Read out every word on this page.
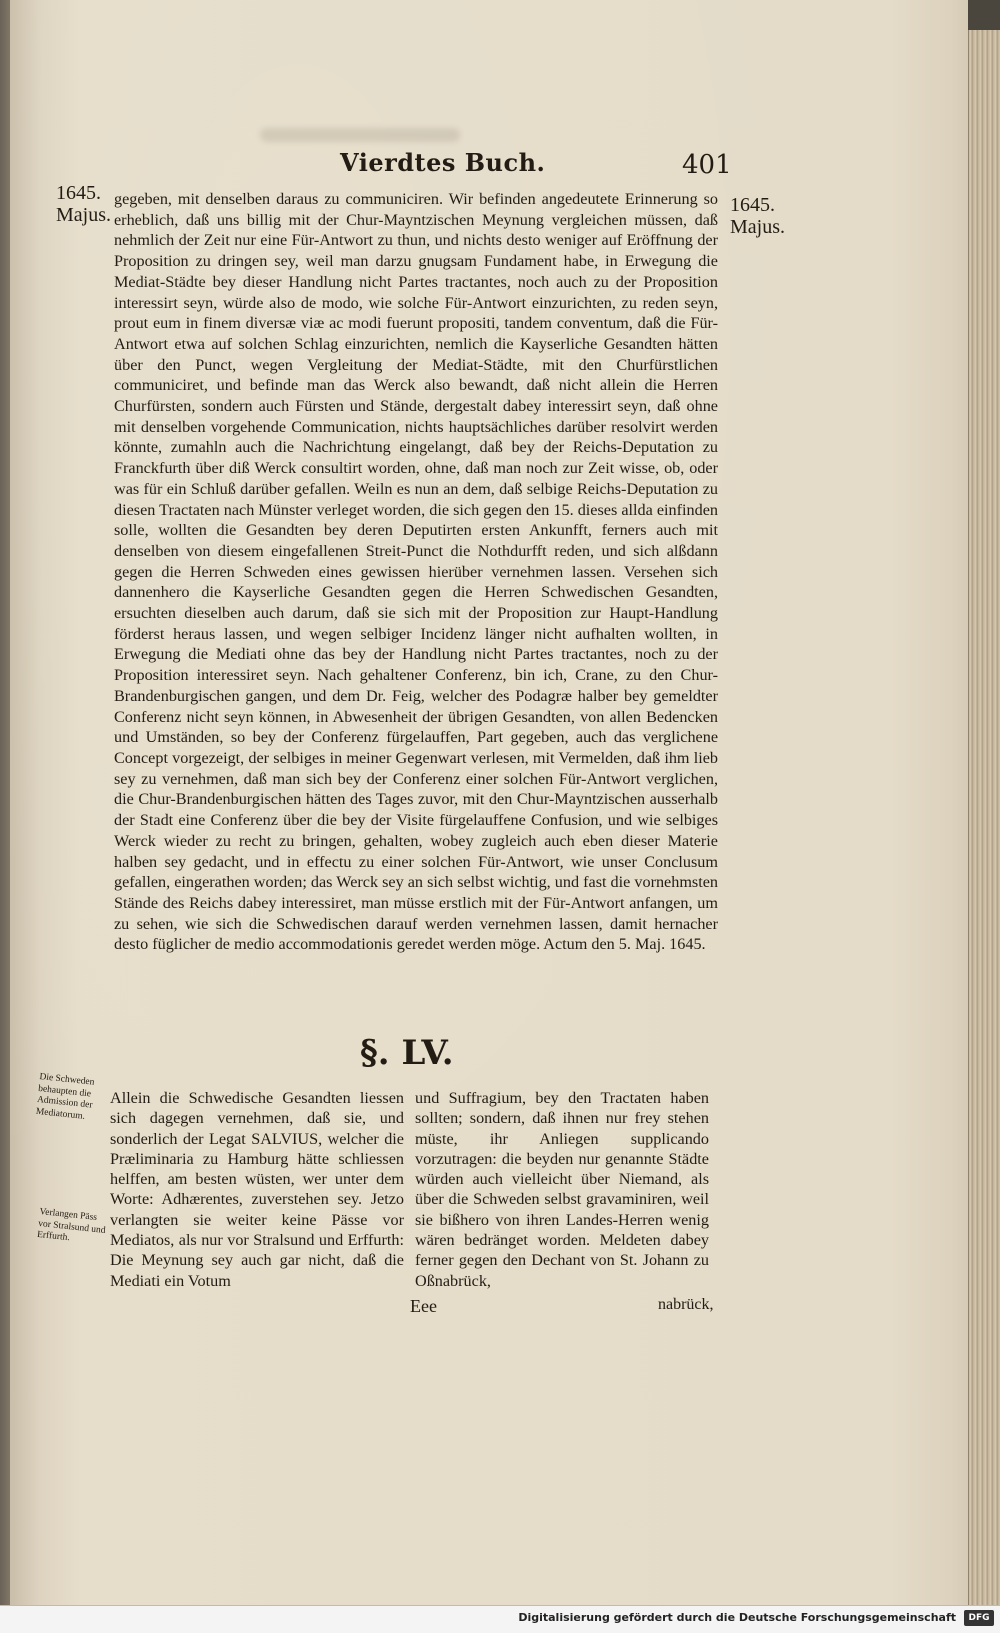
Vierdtes Buch.	401
1645. Majus.	1645. Majus.
gegeben, mit denselben daraus zu communiciren. Wir befinden angedeutete Erinnerung so erheblich, daß uns billig mit der Chur-Mayntzischen Meynung vergleichen müssen, daß nehmlich der Zeit nur eine Für-Antwort zu thun, und nichts desto weniger auf Eröffnung der Proposition zu dringen sey, weil man darzu gnugsam Fundament habe, in Erwegung die Mediat-Städte bey dieser Handlung nicht Partes tractantes, noch auch zu der Proposition interessirt seyn, würde also de modo, wie solche Für-Antwort einzurichten, zu reden seyn, prout eum in finem diversæ viæ ac modi fuerunt propositi, tandem conventum, daß die Für-Antwort etwa auf solchen Schlag einzurichten, nemlich die Kayserliche Gesandten hätten über den Punct, wegen Vergleitung der Mediat-Städte, mit den Churfürstlichen communiciret, und befinde man das Werck also bewandt, daß nicht allein die Herren Churfürsten, sondern auch Fürsten und Stände, dergestalt dabey interessirt seyn, daß ohne mit denselben vorgehende Communication, nichts hauptsächliches darüber resolvirt werden könnte, zumahln auch die Nachrichtung eingelangt, daß bey der Reichs-Deputation zu Franckfurth über diß Werck consultirt worden, ohne, daß man noch zur Zeit wisse, ob, oder was für ein Schluß darüber gefallen. Weiln es nun an dem, daß selbige Reichs-Deputation zu diesen Tractaten nach Münster verleget worden, die sich gegen den 15. dieses allda einfinden solle, wollten die Gesandten bey deren Deputirten ersten Ankunfft, ferners auch mit denselben von diesem eingefallenen Streit-Punct die Nothdurfft reden, und sich alßdann gegen die Herren Schweden eines gewissen hierüber vernehmen lassen. Versehen sich dannenhero die Kayserliche Gesandten gegen die Herren Schwedischen Gesandten, ersuchten dieselben auch darum, daß sie sich mit der Proposition zur Haupt-Handlung förderst heraus lassen, und wegen selbiger Incidenz länger nicht aufhalten wollten, in Erwegung die Mediati ohne das bey der Handlung nicht Partes tractantes, noch zu der Proposition interessiret seyn. Nach gehaltener Conferenz, bin ich, Crane, zu den Chur-Brandenburgischen gangen, und dem Dr. Feig, welcher des Podagræ halber bey gemeldter Conferenz nicht seyn können, in Abwesenheit der übrigen Gesandten, von allen Bedencken und Umständen, so bey der Conferenz fürgelauffen, Part gegeben, auch das verglichene Concept vorgezeigt, der selbiges in meiner Gegenwart verlesen, mit Vermelden, daß ihm lieb sey zu vernehmen, daß man sich bey der Conferenz einer solchen Für-Antwort verglichen, die Chur-Brandenburgischen hätten des Tages zuvor, mit den Chur-Mayntzischen ausserhalb der Stadt eine Conferenz über die bey der Visite fürgelauffene Confusion, und wie selbiges Werck wieder zu recht zu bringen, gehalten, wobey zugleich auch eben dieser Materie halben sey gedacht, und in effectu zu einer solchen Für-Antwort, wie unser Conclusum gefallen, eingerathen worden; das Werck sey an sich selbst wichtig, und fast die vornehmsten Stände des Reichs dabey interessiret, man müsse erstlich mit der Für-Antwort anfangen, um zu sehen, wie sich die Schwedischen darauf werden vernehmen lassen, damit hernacher desto füglicher de medio accommodationis geredet werden möge. Actum den 5. Maj. 1645.
§. LV.
Die Schweden behaupten die Admission der Mediatorum.
Verlangen Päss vor Stralsund und Erffurth.
Allein die Schwedische Gesandten liessen sich dagegen vernehmen, daß sie, und sonderlich der Legat SALVIUS, welcher die Præliminaria zu Hamburg hätte schliessen helffen, am besten wüsten, wer unter dem Worte: Adhærentes, zuverstehen sey. Jetzo verlangten sie weiter keine Pässe vor Mediatos, als nur vor Stralsund und Erffurth: Die Meynung sey auch gar nicht, daß die Mediati ein Votum
und Suffragium, bey den Tractaten haben sollten; sondern, daß ihnen nur frey stehen müste, ihr Anliegen supplicando vorzutragen: die beyden nur genannte Städte würden auch vielleicht über Niemand, als über die Schweden selbst gravaminiren, weil sie bißhero von ihren Landes-Herren wenig wären bedränget worden. Meldeten dabey ferner gegen den Dechant von St. Johann zu Oßnabrück,
Eee	nabrück,
Digitalisierung gefördert durch die Deutsche Forschungsgemeinschaft	DFG
